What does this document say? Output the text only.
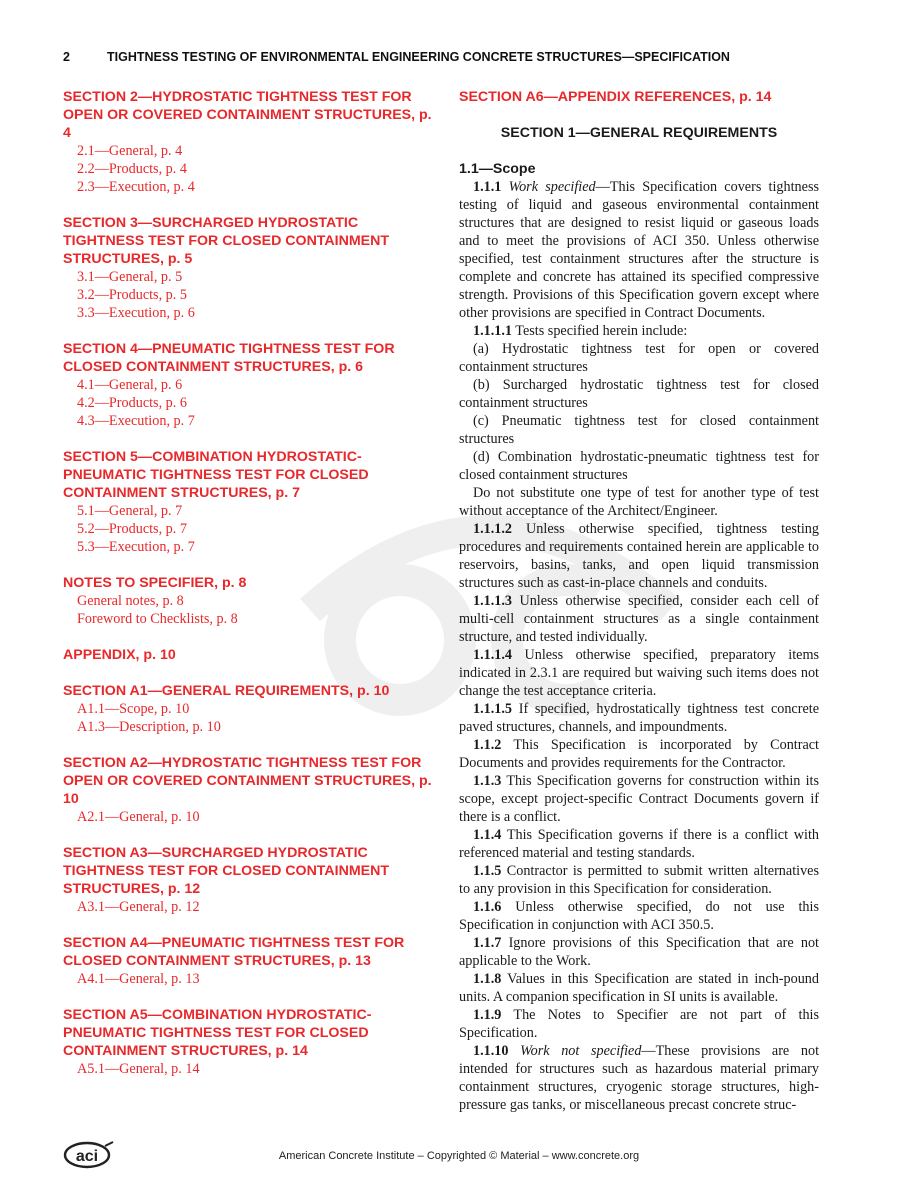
2	TIGHTNESS TESTING OF ENVIRONMENTAL ENGINEERING CONCRETE STRUCTURES—SPECIFICATION
SECTION 2—HYDROSTATIC TIGHTNESS TEST FOR OPEN OR COVERED CONTAINMENT STRUCTURES, p. 4
2.1—General, p. 4
2.2—Products, p. 4
2.3—Execution, p. 4
SECTION 3—SURCHARGED HYDROSTATIC TIGHTNESS TEST FOR CLOSED CONTAINMENT STRUCTURES, p. 5
3.1—General, p. 5
3.2—Products, p. 5
3.3—Execution, p. 6
SECTION 4—PNEUMATIC TIGHTNESS TEST FOR CLOSED CONTAINMENT STRUCTURES, p. 6
4.1—General, p. 6
4.2—Products, p. 6
4.3—Execution, p. 7
SECTION 5—COMBINATION HYDROSTATIC-PNEUMATIC TIGHTNESS TEST FOR CLOSED CONTAINMENT STRUCTURES, p. 7
5.1—General, p. 7
5.2—Products, p. 7
5.3—Execution, p. 7
NOTES TO SPECIFIER, p. 8
General notes, p. 8
Foreword to Checklists, p. 8
APPENDIX, p. 10
SECTION A1—GENERAL REQUIREMENTS, p. 10
A1.1—Scope, p. 10
A1.3—Description, p. 10
SECTION A2—HYDROSTATIC TIGHTNESS TEST FOR OPEN OR COVERED CONTAINMENT STRUCTURES, p. 10
A2.1—General, p. 10
SECTION A3—SURCHARGED HYDROSTATIC TIGHTNESS TEST FOR CLOSED CONTAINMENT STRUCTURES, p. 12
A3.1—General, p. 12
SECTION A4—PNEUMATIC TIGHTNESS TEST FOR CLOSED CONTAINMENT STRUCTURES, p. 13
A4.1—General, p. 13
SECTION A5—COMBINATION HYDROSTATIC-PNEUMATIC TIGHTNESS TEST FOR CLOSED CONTAINMENT STRUCTURES, p. 14
A5.1—General, p. 14
SECTION A6—APPENDIX REFERENCES, p. 14
SECTION 1—GENERAL REQUIREMENTS
1.1—Scope

1.1.1 Work specified—This Specification covers tightness testing of liquid and gaseous environmental containment structures that are designed to resist liquid or gaseous loads and to meet the provisions of ACI 350. Unless otherwise specified, test containment structures after the structure is complete and concrete has attained its specified compressive strength. Provisions of this Specification govern except where other provisions are specified in Contract Documents.

1.1.1.1 Tests specified herein include:

(a) Hydrostatic tightness test for open or covered containment structures

(b) Surcharged hydrostatic tightness test for closed containment structures

(c) Pneumatic tightness test for closed containment structures

(d) Combination hydrostatic-pneumatic tightness test for closed containment structures

Do not substitute one type of test for another type of test without acceptance of the Architect/Engineer.

1.1.1.2 Unless otherwise specified, tightness testing procedures and requirements contained herein are applicable to reservoirs, basins, tanks, and open liquid transmission structures such as cast-in-place channels and conduits.

1.1.1.3 Unless otherwise specified, consider each cell of multi-cell containment structures as a single containment structure, and tested individually.

1.1.1.4 Unless otherwise specified, preparatory items indicated in 2.3.1 are required but waiving such items does not change the test acceptance criteria.

1.1.1.5 If specified, hydrostatically tightness test concrete paved structures, channels, and impoundments.

1.1.2 This Specification is incorporated by Contract Documents and provides requirements for the Contractor.

1.1.3 This Specification governs for construction within its scope, except project-specific Contract Documents govern if there is a conflict.

1.1.4 This Specification governs if there is a conflict with referenced material and testing standards.

1.1.5 Contractor is permitted to submit written alternatives to any provision in this Specification for consideration.

1.1.6 Unless otherwise specified, do not use this Specification in conjunction with ACI 350.5.

1.1.7 Ignore provisions of this Specification that are not applicable to the Work.

1.1.8 Values in this Specification are stated in inch-pound units. A companion specification in SI units is available.

1.1.9 The Notes to Specifier are not part of this Specification.

1.1.10 Work not specified—These provisions are not intended for structures such as hazardous material primary containment structures, cryogenic storage structures, high-pressure gas tanks, or miscellaneous precast concrete struc-

aci	American Concrete Institute – Copyrighted © Material – www.concrete.org
